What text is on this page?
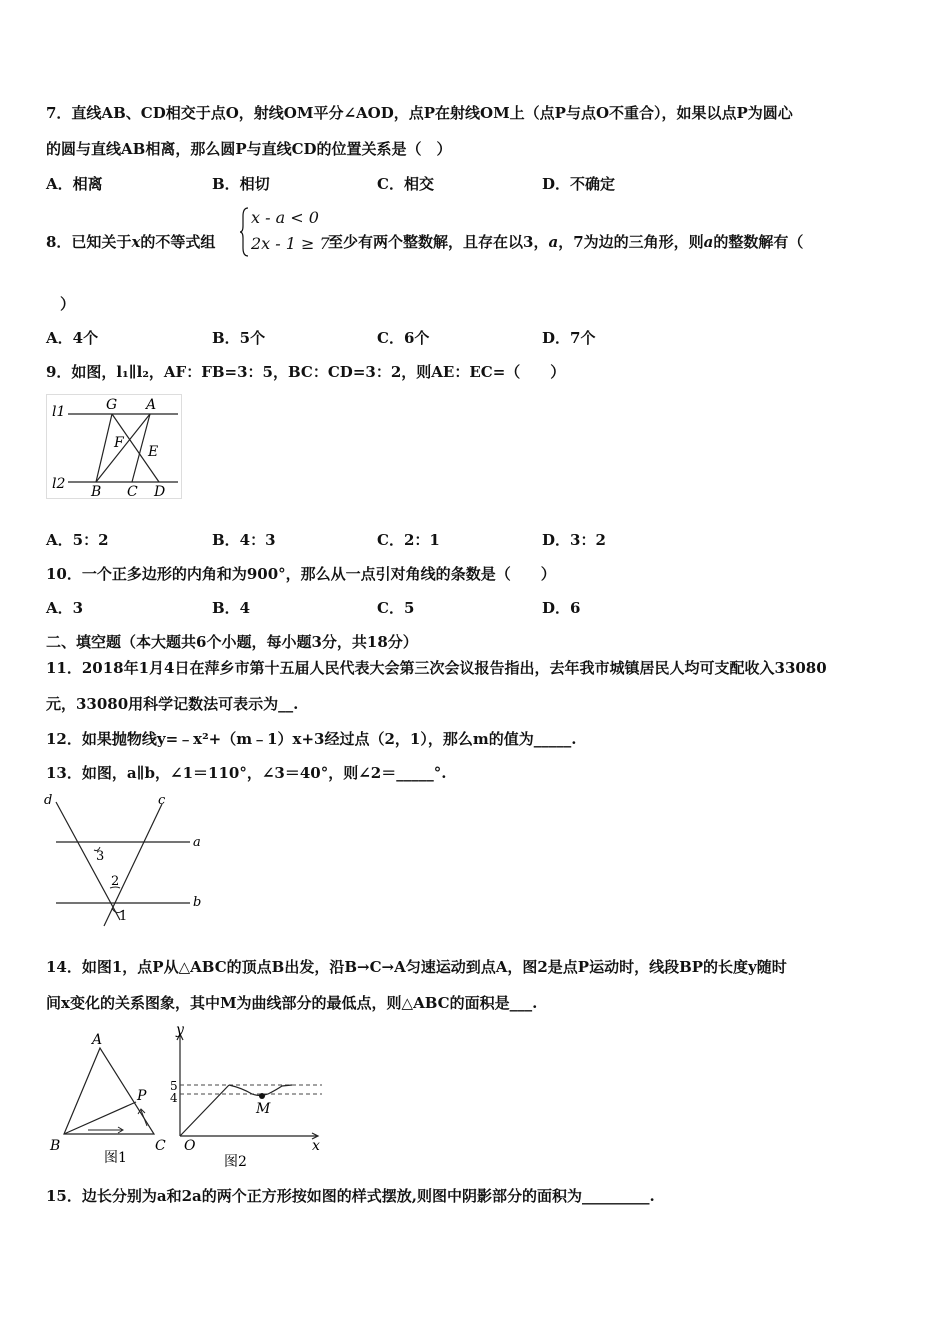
7．直线AB、CD相交于点O，射线OM平分∠AOD，点P在射线OM上（点P与点O不重合），如果以点P为圆心
的圆与直线AB相离，那么圆P与直线CD的位置关系是（　）
A．相离	B．相切	C．相交	D．不确定
8．已知关于x的不等式组
x - a < 0
2x - 1 ≥ 7
至少有两个整数解，且存在以3，a，7为边的三角形，则a的整数解有（
）
A．4个	B．5个	C．6个	D．7个
9．如图，l₁∥l₂，AF：FB=3：5，BC：CD=3：2，则AE：EC=（　　）
l1
l2
G A
F
E
B C D
A．5：2	B．4：3	C．2：1	D．3：2
10．一个正多边形的内角和为900°，那么从一点引对角线的条数是（　　）
A．3	B．4	C．5	D．6
二、填空题（本大题共6个小题，每小题3分，共18分）
11．2018年1月4日在萍乡市第十五届人民代表大会第三次会议报告指出，去年我市城镇居民人均可支配收入33080
元，33080用科学记数法可表示为__.
12．如果抛物线y=﹣x²+（m﹣1）x+3经过点（2，1），那么m的值为_____.
13．如图，a∥b，∠1＝110°，∠3＝40°，则∠2＝_____°.
d	c
a
b
3
2
1
14．如图1，点P从△ABC的顶点B出发，沿B→C→A匀速运动到点A，图2是点P运动时，线段BP的长度y随时
间x变化的关系图象，其中M为曲线部分的最低点，则△ABC的面积是___.
A
P
B	C
图1
y
5
4
M
O	x
图2
15．边长分别为a和2a的两个正方形按如图的样式摆放,则图中阴影部分的面积为_________.
